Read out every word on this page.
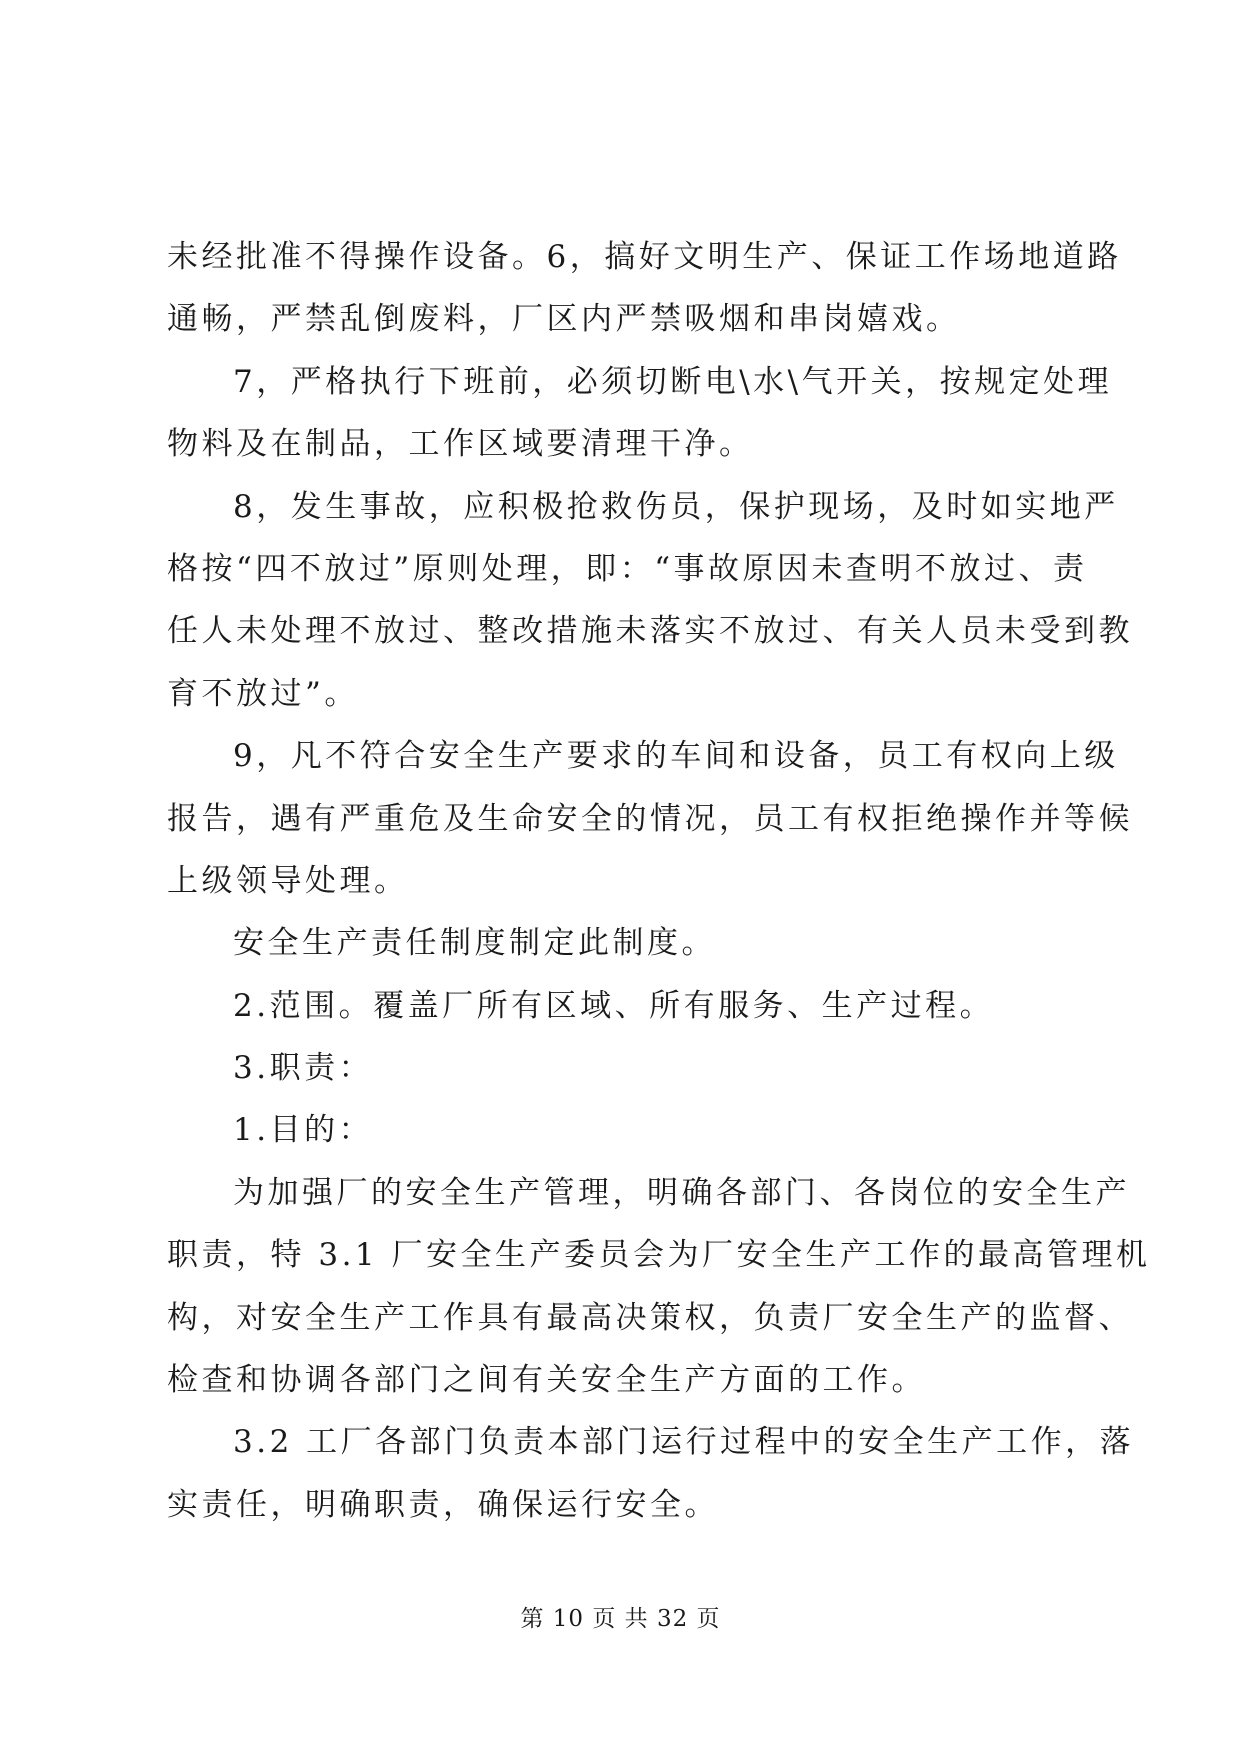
未经批准不得操作设备。6，搞好文明生产、保证工作场地道路
通畅，严禁乱倒废料，厂区内严禁吸烟和串岗嬉戏。
7，严格执行下班前，必须切断电\水\气开关，按规定处理
物料及在制品，工作区域要清理干净。
8，发生事故，应积极抢救伤员，保护现场，及时如实地严
格按“四不放过”原则处理，即：“事故原因未查明不放过、责
任人未处理不放过、整改措施未落实不放过、有关人员未受到教
育不放过”。
9，凡不符合安全生产要求的车间和设备，员工有权向上级
报告，遇有严重危及生命安全的情况，员工有权拒绝操作并等候
上级领导处理。
安全生产责任制度制定此制度。
2.范围。覆盖厂所有区域、所有服务、生产过程。
3.职责：
1.目的：
为加强厂的安全生产管理，明确各部门、各岗位的安全生产
职责，特 3.1 厂安全生产委员会为厂安全生产工作的最高管理机
构，对安全生产工作具有最高决策权，负责厂安全生产的监督、
检查和协调各部门之间有关安全生产方面的工作。
3.2 工厂各部门负责本部门运行过程中的安全生产工作，落
实责任，明确职责，确保运行安全。
第 10 页 共 32 页
